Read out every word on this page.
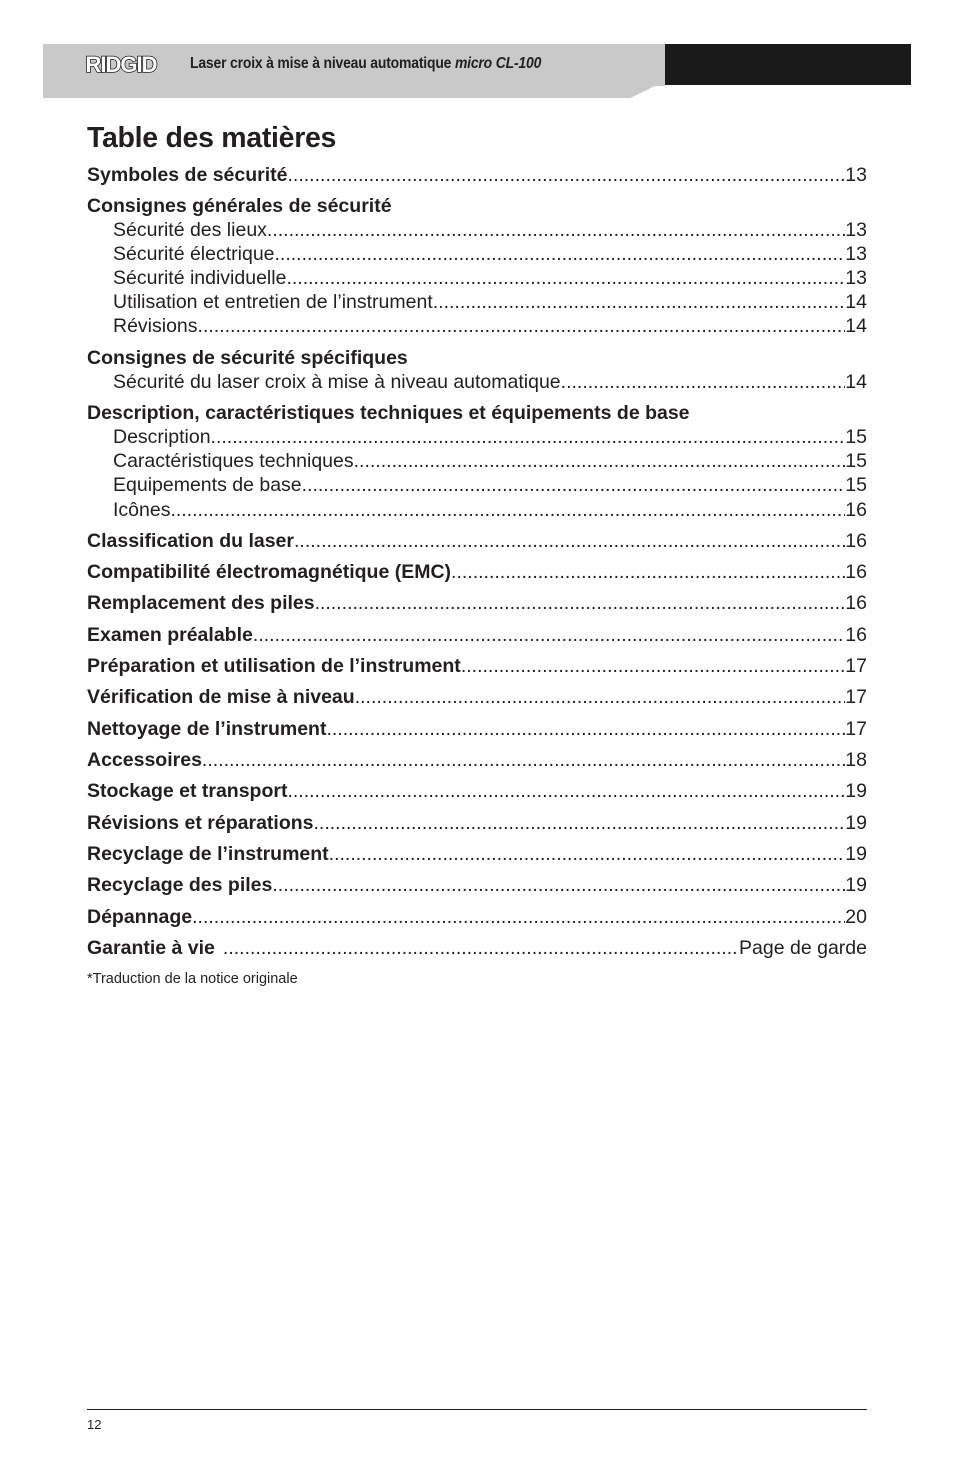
RIDGID Laser croix à mise à niveau automatique micro CL-100
Table des matières
Symboles de sécurité .....	13
Consignes générales de sécurité
Sécurité des lieux .....	13
Sécurité électrique .....	13
Sécurité individuelle .....	13
Utilisation et entretien de l’instrument .....	14
Révisions .....	14
Consignes de sécurité spécifiques
Sécurité du laser croix à mise à niveau automatique .....	14
Description, caractéristiques techniques et équipements de base
Description .....	15
Caractéristiques techniques .....	15
Equipements de base .....	15
Icônes .....	16
Classification du laser .....	16
Compatibilité électromagnétique (EMC) .....	16
Remplacement des piles .....	16
Examen préalable .....	16
Préparation et utilisation de l’instrument .....	17
Vérification de mise à niveau .....	17
Nettoyage de l’instrument .....	17
Accessoires .....	18
Stockage et transport .....	19
Révisions et réparations .....	19
Recyclage de l’instrument .....	19
Recyclage des piles .....	19
Dépannage .....	20
Garantie à vie .....	Page de garde
*Traduction de la notice originale
12
